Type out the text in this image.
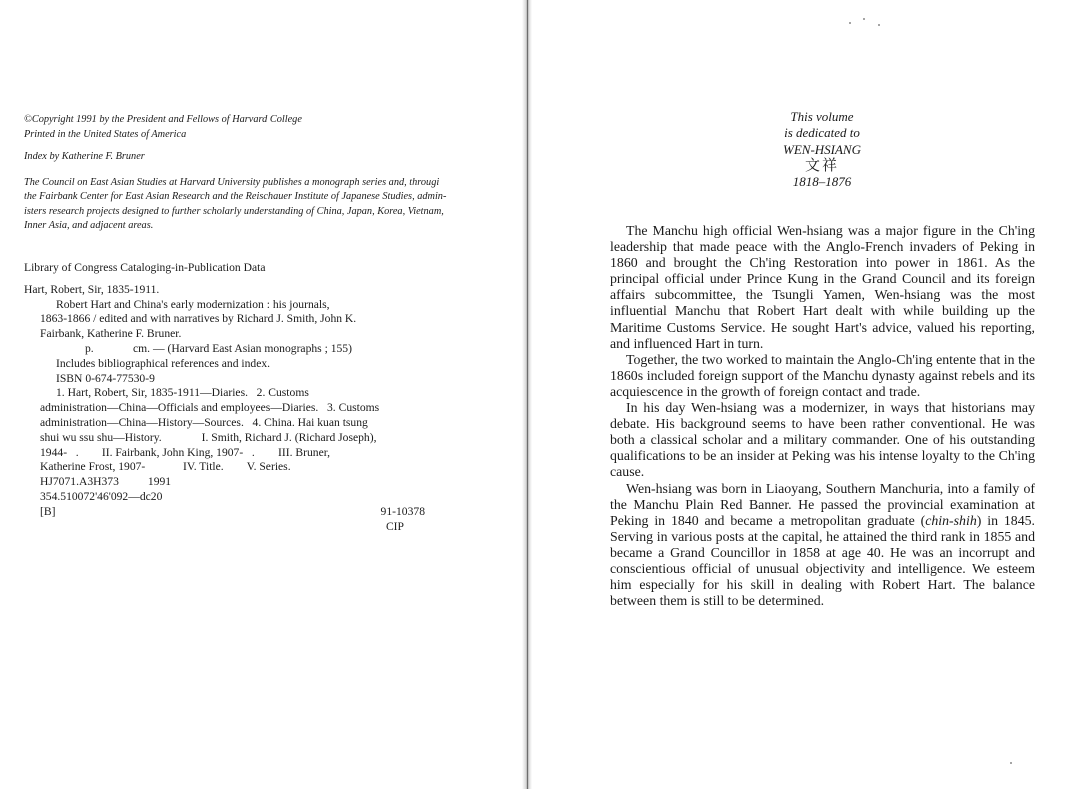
©Copyright 1991 by the President and Fellows of Harvard College
Printed in the United States of America
Index by Katherine F. Bruner
The Council on East Asian Studies at Harvard University publishes a monograph series and, througi
the Fairbank Center for East Asian Research and the Reischauer Institute of Japanese Studies, admin-
isters research projects designed to further scholarly understanding of China, Japan, Korea, Vietnam,
Inner Asia, and adjacent areas.
Library of Congress Cataloging-in-Publication Data
Hart, Robert, Sir, 1835-1911.
Robert Hart and China's early modernization : his journals,
1863-1866 / edited and with narratives by Richard J. Smith, John K.
Fairbank, Katherine F. Bruner.
p.	cm. — (Harvard East Asian monographs ; 155)
Includes bibliographical references and index.
ISBN 0-674-77530-9
1. Hart, Robert, Sir, 1835-1911—Diaries.   2. Customs
administration—China—Officials and employees—Diaries.   3. Customs
administration—China—History—Sources.   4. China. Hai kuan tsung
shui wu ssu shu—History.	I. Smith, Richard J. (Richard Joseph),
1944-   . II. Fairbank, John King, 1907-   . III. Bruner,
Katherine Frost, 1907-	IV. Title. V. Series.
HJ7071.A3H373 1991
354.510072'46'092—dc20
[B]	91-10378
CIP
This volume
is dedicated to
WEN-HSIANG
文祥
1818–1876

The Manchu high official Wen-hsiang was a major figure in the Ch'ing leadership that made peace with the Anglo-French invaders of Peking in 1860 and brought the Ch'ing Restoration into power in 1861. As the principal official under Prince Kung in the Grand Council and its foreign affairs subcommittee, the Tsungli Yamen, Wen-hsiang was the most influential Manchu that Robert Hart dealt with while building up the Maritime Customs Service. He sought Hart's advice, valued his reporting, and influenced Hart in turn.

Together, the two worked to maintain the Anglo-Ch'ing entente that in the 1860s included foreign support of the Manchu dynasty against rebels and its acquiescence in the growth of foreign contact and trade.

In his day Wen-hsiang was a modernizer, in ways that historians may debate. His background seems to have been rather conventional. He was both a classical scholar and a military commander. One of his outstanding qualifications to be an insider at Peking was his intense loyalty to the Ch'ing cause.

Wen-hsiang was born in Liaoyang, Southern Manchuria, into a family of the Manchu Plain Red Banner. He passed the provincial examination at Peking in 1840 and became a metropolitan graduate (chin-shih) in 1845. Serving in various posts at the capital, he attained the third rank in 1855 and became a Grand Councillor in 1858 at age 40. He was an incorrupt and conscientious official of unusual objectivity and intelligence. We esteem him especially for his skill in dealing with Robert Hart. The balance between them is still to be determined.
